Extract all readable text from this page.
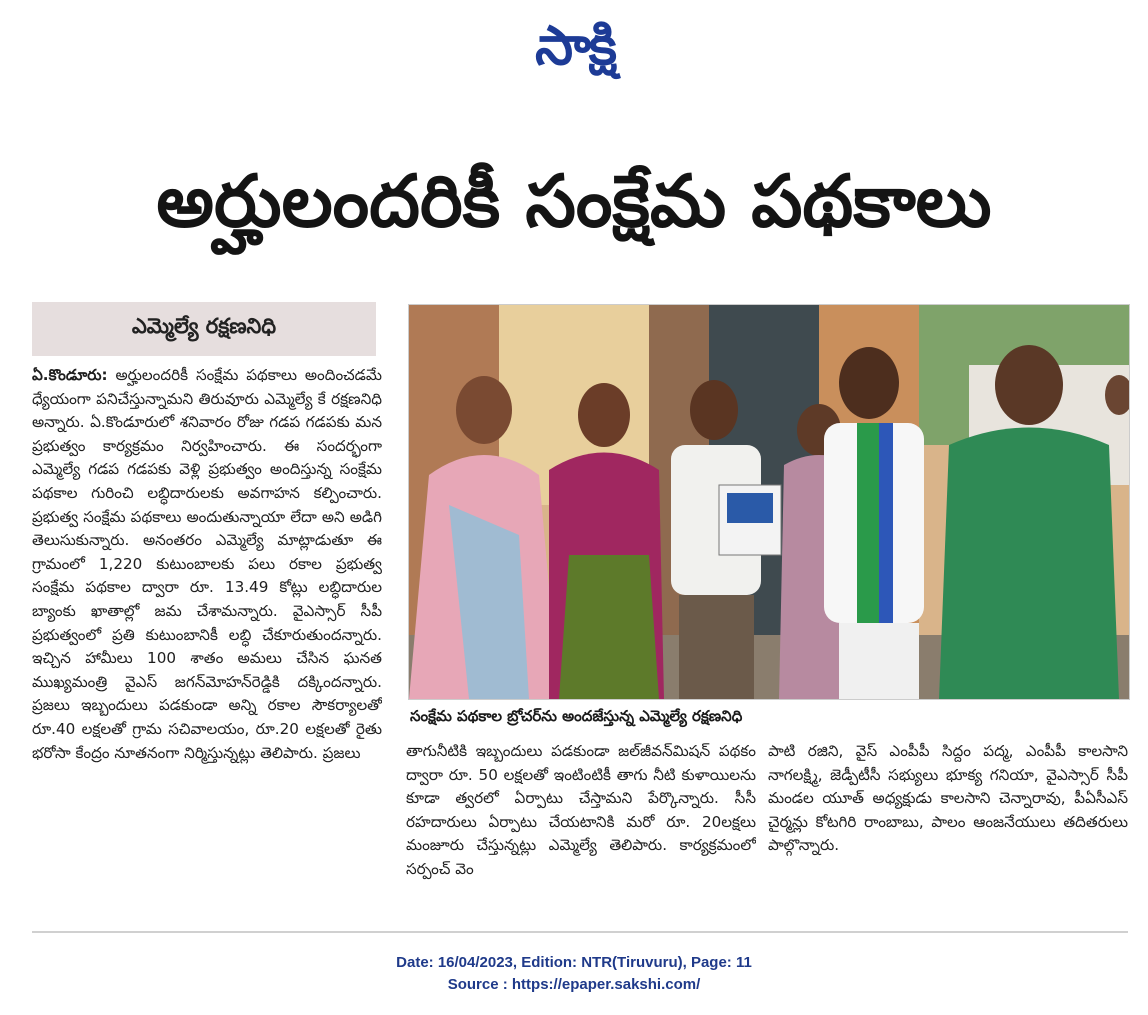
సాక్షి
అర్హులందరికీ సంక్షేమ పథకాలు
ఎమ్మెల్యే రక్షణనిధి
ఏ.కొండూరు: అర్హులందరికీ సంక్షేమ పథకాలు అందించడమే ధ్యేయంగా పనిచేస్తున్నామని తిరువూరు ఎమ్మెల్యే కే రక్షణనిధి అన్నారు. ఏ.కొండూరులో శనివారం రోజు గడప గడపకు మన ప్రభుత్వం కార్యక్రమం నిర్వహించారు. ఈ సందర్భంగా ఎమ్మెల్యే గడప గడపకు వెళ్లి ప్రభుత్వం అందిస్తున్న సంక్షేమ పథకాల గురించి లబ్ధిదారులకు అవగాహన కల్పించారు. ప్రభుత్వ సంక్షేమ పథకాలు అందుతున్నాయా లేదా అని అడిగి తెలుసుకున్నారు. అనంతరం ఎమ్మెల్యే మాట్లాడుతూ ఈ గ్రామంలో 1,220 కుటుంబాలకు పలు రకాల ప్రభుత్వ సంక్షేమ పథకాల ద్వారా రూ. 13.49 కోట్లు లబ్ధిదారుల బ్యాంకు ఖాతాల్లో జమ చేశామన్నారు. వైఎస్సార్ సీపీ ప్రభుత్వంలో ప్రతి కుటుంబానికీ లబ్ధి చేకూరుతుందన్నారు. ఇచ్చిన హామీలు 100 శాతం అమలు చేసిన ఘనత ముఖ్యమంత్రి వైఎస్ జగన్‌మోహన్‌రెడ్డికి దక్కిందన్నారు. ప్రజలు ఇబ్బందులు పడకుండా అన్ని రకాల సౌకర్యాలతో రూ.40 లక్షలతో గ్రామ సచివాలయం, రూ.20 లక్షలతో రైతు భరోసా కేంద్రం నూతనంగా నిర్మిస్తున్నట్లు తెలిపారు. ప్రజలు
సంక్షేమ పథకాల బ్రోచర్‌ను అందజేస్తున్న ఎమ్మెల్యే రక్షణనిధి
తాగునీటికి ఇబ్బందులు పడకుండా జల్‌జీవన్‌మిషన్ పథకం ద్వారా రూ. 50 లక్షలతో ఇంటింటికీ తాగు నీటి కుళాయిలను కూడా త్వరలో ఏర్పాటు చేస్తామని పేర్కొన్నారు. సీసీ రహదారులు ఏర్పాటు చేయటానికి మరో రూ. 20లక్షలు మంజూరు చేస్తున్నట్లు ఎమ్మెల్యే తెలిపారు. కార్యక్రమంలో సర్పంచ్ వెం
పాటి రజిని, వైస్ ఎంపీపీ సిద్దం పద్మ, ఎంపీపీ కాలసాని నాగలక్ష్మి, జెడ్పీటీసీ సభ్యులు భూక్య గనియా, వైఎస్సార్ సీపీ మండల యూత్ అధ్యక్షుడు కాలసాని చెన్నారావు, పీఏసీఎస్ చైర్మన్లు కోటగిరి రాంబాబు, పాలం ఆంజనేయులు తదితరులు పాల్గొన్నారు.
Date: 16/04/2023, Edition: NTR(Tiruvuru), Page: 11
Source : https://epaper.sakshi.com/
